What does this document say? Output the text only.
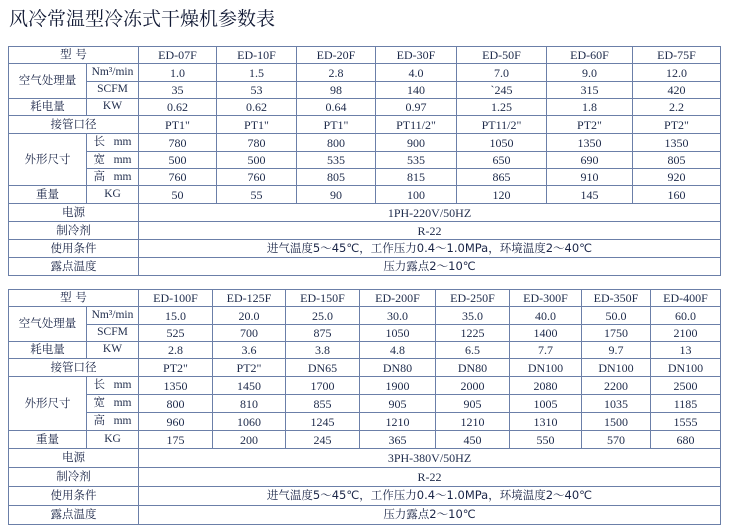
风冷常温型冷冻式干燥机参数表
型 号		ED-07F	ED-10F	ED-20F	ED-30F	ED-50F	ED-60F	ED-75F
空气处理量	Nm³/min	1.0	1.5	2.8	4.0	7.0	9.0	12.0
	SCFM	35	53	98	140	`245	315	420
耗电量	KW	0.62	0.62	0.64	0.97	1.25	1.8	2.2
接管口径		PT1"	PT1"	PT1"	PT11/2"	PT11/2"	PT2"	PT2"
外形尺寸	长 mm	780	780	800	900	1050	1350	1350
	宽 mm	500	500	535	535	650	690	805
	高 mm	760	760	805	815	865	910	920
重量	KG	50	55	90	100	120	145	160
电源		1PH-220V/50HZ						
制冷剂		R-22						
使用条件		进气温度5～45℃，工作压力0.4～1.0MPa，环境温度2～40℃						
露点温度		压力露点2～10℃						
型 号		ED-100F	ED-125F	ED-150F	ED-200F	ED-250F	ED-300F	ED-350F	ED-400F
空气处理量	Nm³/min	15.0	20.0	25.0	30.0	35.0	40.0	50.0	60.0
	SCFM	525	700	875	1050	1225	1400	1750	2100
耗电量	KW	2.8	3.6	3.8	4.8	6.5	7.7	9.7	13
接管口径		PT2"	PT2"	DN65	DN80	DN80	DN100	DN100	DN100
外形尺寸	长 mm	1350	1450	1700	1900	2000	2080	2200	2500
	宽 mm	800	810	855	905	905	1005	1035	1185
	高 mm	960	1060	1245	1210	1210	1310	1500	1555
重量	KG	175	200	245	365	450	550	570	680
电源		3PH-380V/50HZ							
制冷剂		R-22							
使用条件		进气温度5～45℃，工作压力0.4～1.0MPa，环境温度2～40℃							
露点温度		压力露点2～10℃							
